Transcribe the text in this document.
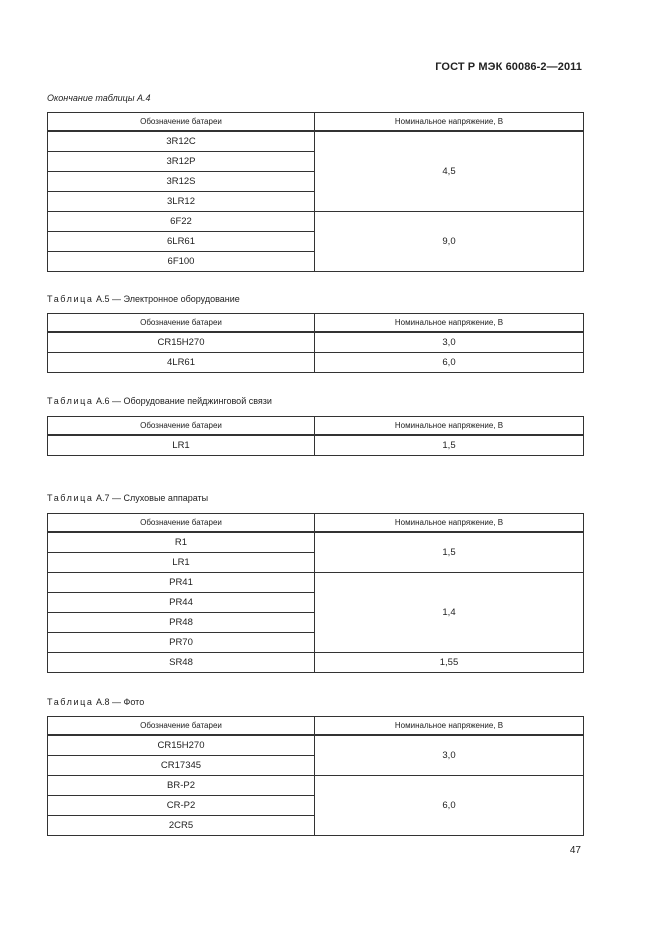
ГОСТ Р МЭК 60086-2—2011
Окончание таблицы А.4
Обозначение батареи	Номинальное напряжение, В
3R12C	4,5
3R12P	
3R12S	
3LR12	
6F22	9,0
6LR61	
6F100	
Таблица А.5 — Электронное оборудование
Обозначение батареи	Номинальное напряжение, В
CR15H270	3,0
4LR61	6,0
Таблица А.6 — Оборудование пейджинговой связи
Обозначение батареи	Номинальное напряжение, В
LR1	1,5
Таблица А.7 — Слуховые аппараты
Обозначение батареи	Номинальное напряжение, В
R1	1,5
LR1	
PR41	1,4
PR44	
PR48	
PR70	
SR48	1,55
Таблица А.8 — Фото
Обозначение батареи	Номинальное напряжение, В
CR15H270	3,0
CR17345	
BR-P2	6,0
CR-P2	
2CR5	
47
